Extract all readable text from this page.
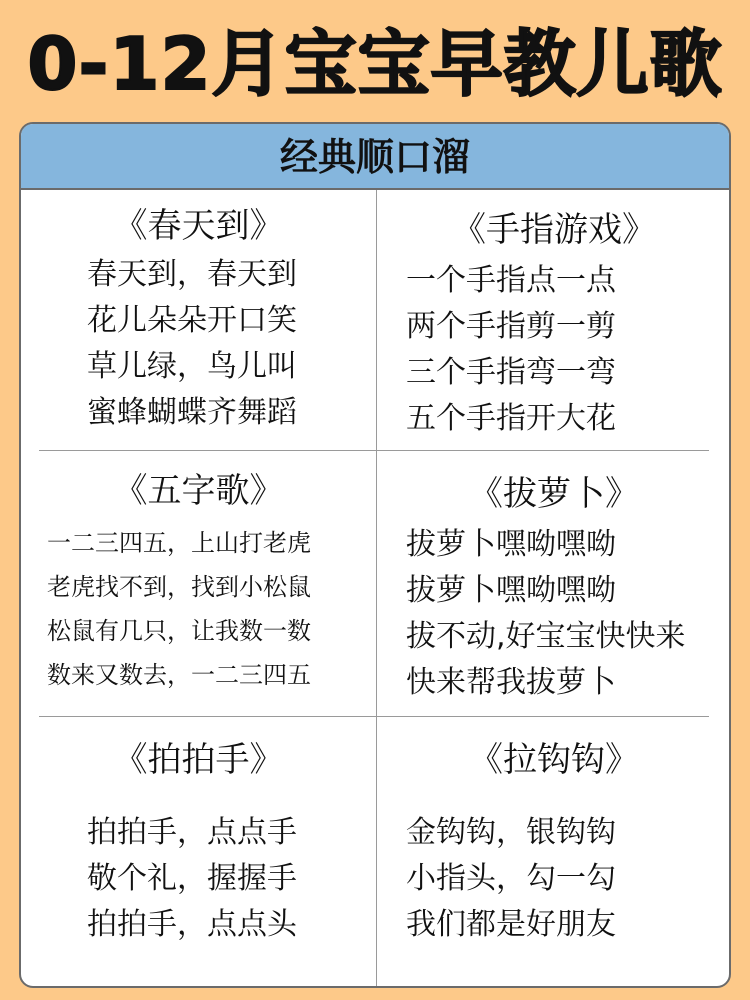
0-12月宝宝早教儿歌
经典顺口溜
《春天到》
春天到，春天到
花儿朵朵开口笑
草儿绿，鸟儿叫
蜜蜂蝴蝶齐舞蹈
《手指游戏》
一个手指点一点
两个手指剪一剪
三个手指弯一弯
五个手指开大花
《五字歌》
一二三四五，上山打老虎
老虎找不到，找到小松鼠
松鼠有几只，让我数一数
数来又数去，一二三四五
《拔萝卜》
拔萝卜嘿呦嘿呦
拔萝卜嘿呦嘿呦
拔不动,好宝宝快快来
快来帮我拔萝卜
《拍拍手》
拍拍手，点点手
敬个礼，握握手
拍拍手，点点头
《拉钩钩》
金钩钩，银钩钩
小指头，勾一勾
我们都是好朋友
